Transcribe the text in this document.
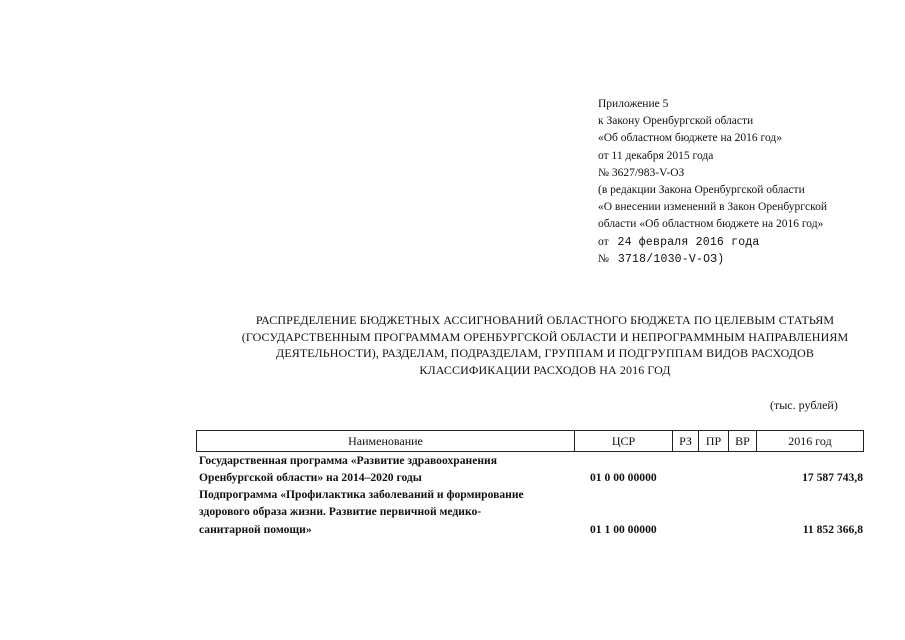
Приложение 5
к Закону Оренбургской области
«Об областном бюджете на 2016 год»
от 11 декабря 2015 года
№ 3627/983-V-ОЗ
(в редакции Закона Оренбургской области
«О внесении изменений в Закон Оренбургской
области «Об областном бюджете на 2016 год»
от 24 февраля 2016 года
№ 3718/1030-V-ОЗ)
РАСПРЕДЕЛЕНИЕ БЮДЖЕТНЫХ АССИГНОВАНИЙ ОБЛАСТНОГО БЮДЖЕТА ПО ЦЕЛЕВЫМ СТАТЬЯМ
(ГОСУДАРСТВЕННЫМ ПРОГРАММАМ ОРЕНБУРГСКОЙ ОБЛАСТИ И НЕПРОГРАММНЫМ НАПРАВЛЕНИЯМ
ДЕЯТЕЛЬНОСТИ), РАЗДЕЛАМ, ПОДРАЗДЕЛАМ, ГРУППАМ И ПОДГРУППАМ ВИДОВ РАСХОДОВ
КЛАССИФИКАЦИИ РАСХОДОВ НА 2016 ГОД
(тыс. рублей)
Наименование	ЦСР	РЗ	ПР	ВР	2016 год
Государственная программа «Развитие здравоохранения
Оренбургской области» на 2014–2020 годы	01 0 00 00000	17 587 743,8
Подпрограмма «Профилактика заболеваний и формирование
здорового образа жизни. Развитие первичной медико-
санитарной помощи»	01 1 00 00000	11 852 366,8
